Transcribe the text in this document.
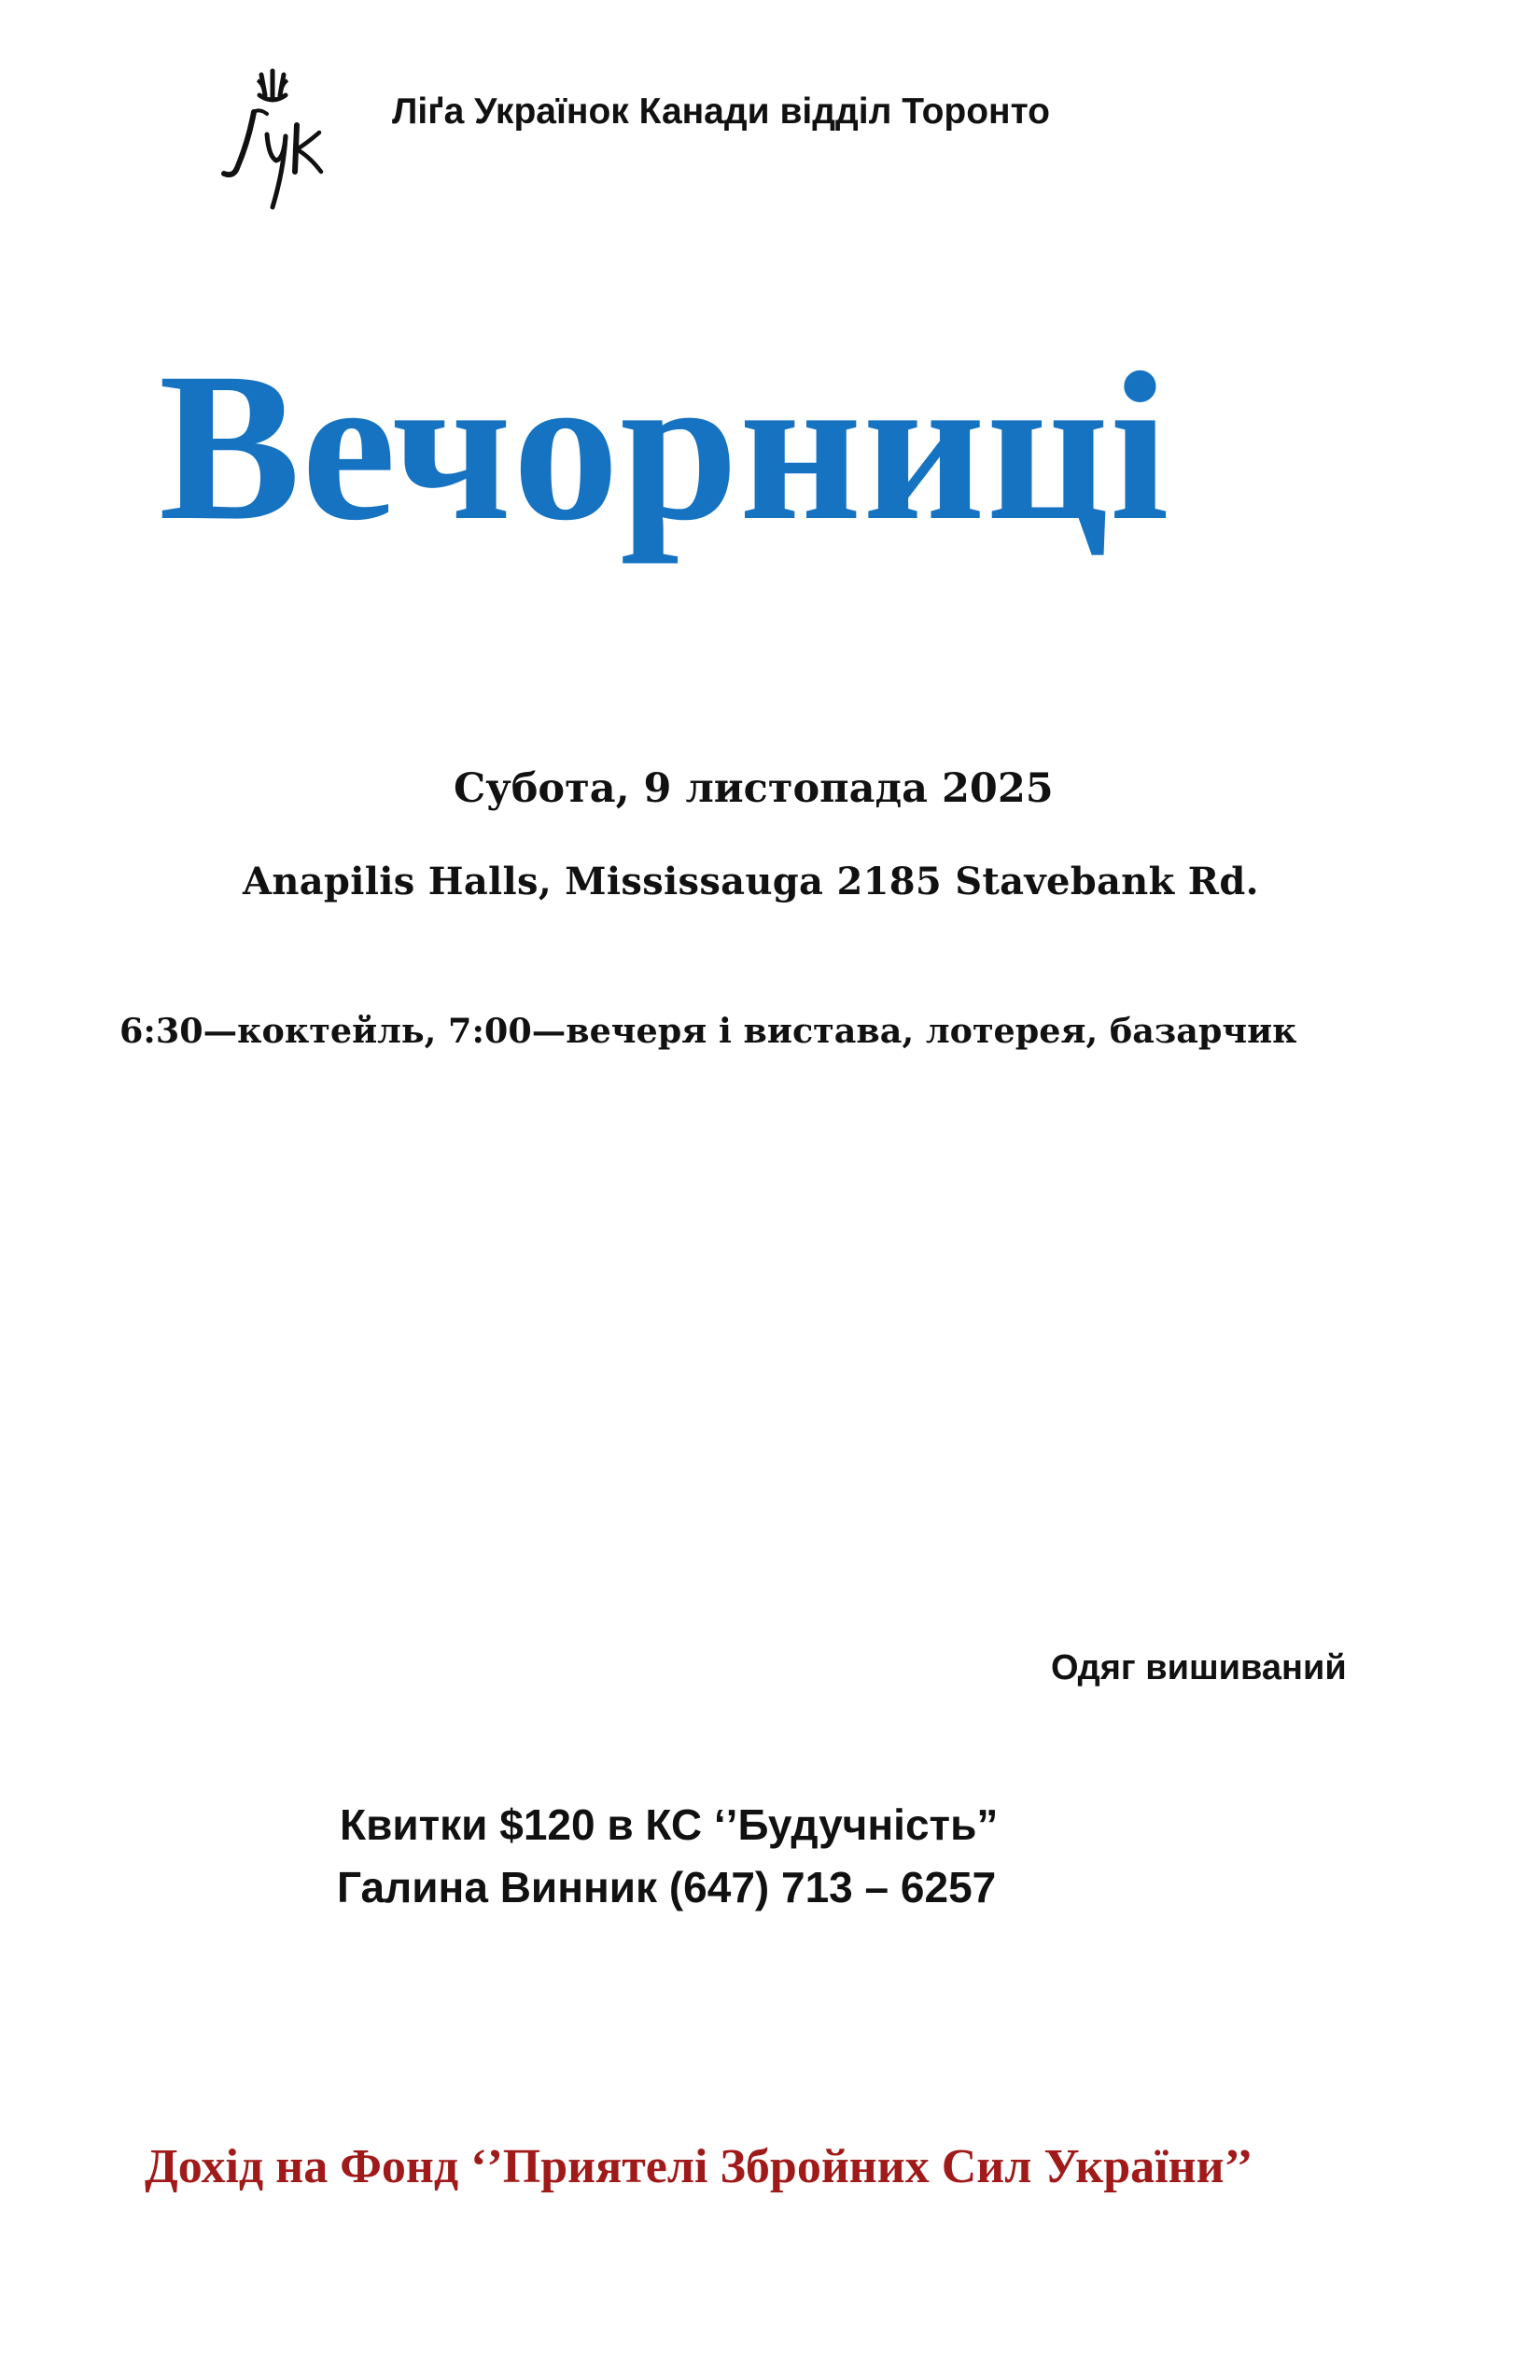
Ліґа Українок Канади відділ Торонто
Вечорниці
Субота, 9 листопада 2025
Anapilis Halls, Mississauga 2185 Stavebank Rd.
6:30—коктейль, 7:00—вечеря і вистава, лотерея, базарчик
Одяг вишиваний
Квитки $120 в КС ‘’Будучність”
Галина Винник (647) 713 – 6257
Дохід на Фонд ‘’Приятелі Збройних Сил України’’
